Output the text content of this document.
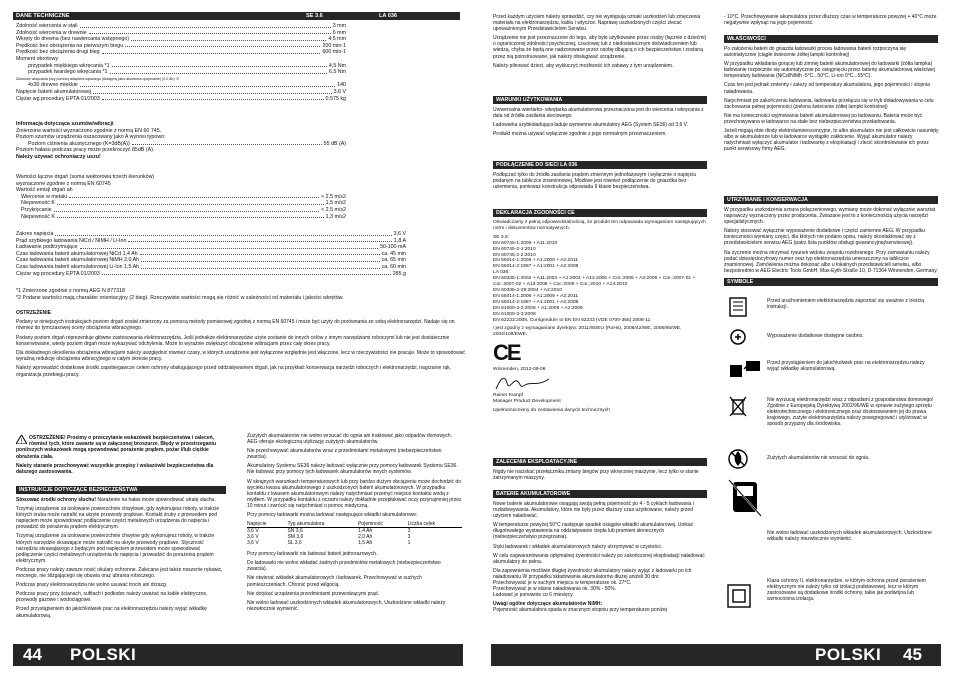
DANE TECHNICZNE	SE 3.6	LA 036
Zdolność wiercenia w stali	3 mm
Zdolność wiercenia w drewnie	6 mm
Wkręty do drewna (bez nawiercania wstępnego)	4,5 mm
Prędkość bez obciążenia na pierwszym biegu	200 min-1
Prędkość bez obciążenia drugi bieg	600 min-1
Moment obrotowy
przypadek miękkiego wkręcania *1	4,5 Nm
przypadek twardego wkręcania *1	6,5 Nm
Zdolność wkręcania przy pomocy adaptera kątowego (dostępny jako akcesoria opcjonalne) (2,0 Ah) *2
4x30 drewno miękkie	140
Napięcie baterii akumulatorowej	3,6 V
Ciężar wg procedury EPTA 01/2003	0,575 kg
Informacja dotycząca szumów/wibracji
Zmierzone wartości wyznaczono zgodnie z normą EN 60 745.
Poziom szumów urządzenia oszacowany jako A wynosi typowo:
Poziom ciśnienia akustycznego (K=3dB(A))	55 dB (A)
Poziom hałasu podczas pracy może przekroczyć 85dB (A).
Należy używać ochroniaczy uszu!
Wartości łączne drgań (suma wektorowa trzech kierunków)
wyznaczone zgodnie z normą EN 60745
Wartość emisji drgań ah
Wiercenie w metalu	< 2,5 m/s2
Niepewność K	1,5 m/s2
Przykręcanie	< 2,5 m/s2
Niepewność K	1,3 m/s2
Zakres napięcia	3,6 V
Prąd szybkiego ładowania NiCd / NIMH / Li-Ion	1,8 A
Ładowanie podtrzymujące	50-100 mA
Czas ładowania baterii akumulatorowej NiCd 1,4 Ah	ca. 45 min
Czas ładowania baterii akumulatorowej NiMH 2,0 Ah	ca. 65 min
Czas ładowania baterii akumulatorowej Li-Ion 1,5 Ah	ca. 60 min
Ciężar wg procedury EPTA 01/2003	285 g
*1 Zmierzone zgodnie z normą AEG N 877318
*2 Podane wartości mają charakter orientacyjny (2 bieg). Rzeczywiste wartości mogą się różnić w zależności od materiału i jakości wkrętów.
OSTRZEŻENIE

Podany w niniejszych instrukcjach poziom drgań został zmierzony za pomocą metody pomiarowej zgodnej z normą EN 60745 i może być użyty do porównania ze sobą elektronarzędzi. Nadaje się on również do tymczasowej oceny obciążenia wibracyjnego.

Podany poziom drgań reprezentuje główne zastosowania elektronarzędzia. Jeśli jednakże elektronarzędzie użyte zostanie do innych celów z innym narzędziami roboczymi lub nie jest dostatecznie konserwowane, wtedy poziom drgań może wykazywać odchylenia. Może to wyraźnie zwiększyć obciążenie wibracjami przez cały okres pracy.

Dla dokładnego określenia obciążenia wibracjami należy uwzględnić również czasy, w których urządzenie jest wyłączone względnie jest włączone, lecz w rzeczywistości nie pracuje. Może to spowodować wyraźną redukcję obciążenia wibracyjnego w całym okresie pracy.

Należy wprowadzić dodatkowe środki zapobiegawcze celem ochrony obsługującego przed oddziaływaniem drgań, jak na przykład: konserwacja narzędzi roboczych i elektronarzędzi, nagrzanie rąk, organizacja przebiegu pracy.

! OSTRZEŻENIE! Prosimy o przeczytanie wskazówek bezpieczeństwa i zaleceń, również tych, które zawarte są w załączonej broszurze. Błędy w przestrzeganiu poniższych wskazówek mogą spowodować porażenie prądem, pożar i/lub ciężkie obrażenia ciała.

Należy staranie przechowywać wszystkie przepisy i wskazówki bezpieczeństwa dla dalszego zastosowania.

INSTRUKCJE DOTYCZĄCE BEZPIECZEŃSTWA

Stosować środki ochrony słuchu! Narażenie na hałas może spowodować utratę słuchu.

Trzymaj urządzenie za izolowane powierzchnie chwytowe, gdy wykonujesz roboty, w trakcie których śruba może natrafić na ukryte przewody prądowe. Kontakt śruby z przewodem pod napięciem może spowodować podłączenie części metalowych urządzenia do napięcia i prowadzić do porażenia prądem elektrycznym.

Trzymaj urządzenie za izolowane powierzchnie chwytne gdy wykonujesz roboty, w trakcie których narzędzie skrawające może natrafić na ukryte przewody prądowe. Styczność narzędzia skrawającego z będącym pod napięciem przewodem może spowodować podłączenie części metalowych urządzenia do napięcia i prowadzić do porażenia prądem elektrycznym.

Podczas pracy należy zawsze nosić okulary ochronne. Zalecane jest także noszenie rękawic, mocnego, nie śliżgającego się obuwia oraz ubrania roboczego.

Podczas pracy elektronarzędzia nie wolno usuwać trocin ani drzazg.

Podczas pracy przy ścianach, sufitach i podłodze należy uważać na kable elektryczne, przewody gazowe i wodociągowe.

Przed przystąpieniem do jakichkolwiek prac na elektronarzędziu należy wyjąć wkładkę akumulatorową.

Zużytych akumulatorów nie wolno wrzucać do ognia ani traktować jako odpadów domowych. AEG oferuje ekologiczną utylizację zużytych akumulatorów.

Nie przechowywać akumulatorów wraz z przedmiotami metalowymi (niebezpieczeństwo zwarcia).

Akumulatory Systemu SE36 należy ładować wyłącznie przy pomocy ładowarek Systemu SE36. Nie ładować przy pomocy tych ładowarek akumulatorów innych systemów.

W skrajnych warunkach temperaturowych lub przy bardzo dużym obciążeniu może dochodzić do wycieku kwasu akumulatorowego z uszkodzonych baterii akumulatorowych. W przypadku kontaktu z kwasem akumulatorowym należy natychmiast przemyć miejsce kontaktu wodą z mydłem. W przypadku kontaktu z oczami należy dokładnie przepłukiwać oczy przynajmniej przez 10 minut i zwrócić się natychmiast o pomoc medyczną.

Przy pomocy ładowarki można ładować następujące wkładki akumulatorowe:

Napięcie	Typ akumulatora	Pojemność	Liczba celek
3,6 V	SN 3,6	1,4 Ah	3
3,6 V	SM 3,6	2,0 Ah	3
3,6 V	SL 3,6	1,5 Ah	1

Przy pomocy ładowarki nie ładować baterii jednorazowych.

Do ładowarki nie wolno wkładać żadnych przedmiotów metalowych (niebezpieczeństwo zwarcia).

Nie otwierać wkładek akumulatorowych i ładowarek. Przechowywać w suchych pomieszczeniach. Chronić przed wilgocią.

Nie dotykać urządzenia przedmiotami przewodzącymi prąd.

Nie wolno ładować uszkodzonych wkładek akumulatorowych. Uszkodzone wkładki należy niezwłocznie wymienić.

44 POLSKI

Przed każdym użyciem należy sprawdzić, czy nie występują oznaki uszkodzeń lub zmęczenia materiału na elektronarzędziu, kablu i wtyczce. Naprawę uszkodzonych części zlecać upoważnionym Przedstawicielom Serwisu.

Urządzenie nie jest przeznaczone do tego, aby było użytkowane przez osoby (łącznie z dziećmi) o ograniczonej zdolności psychicznej, czuciowej lub z niedostatecznym doświadczeniem lub wiedzą, chyba że będą one nadzorowane przez osobę dbającą o ich bezpieczeństwo i zostaną przez nią poinstruowane, jak należy obsługiwać urządzenie.

Należy pilnować dzieci, aby wykluczyć możliwość ich zabawy z tym urządzeniem.

WARUNKI UŻYTKOWANIA

Uniwersalna wiertarko- wkrętarka akumulatorowa przeznaczona jest do wiercenia i wkręcania z dala od źródła zasilania sieciowego.

Ładowarka szybkoładująca ładuje wymienne akumulatory AEG (System SE36) od 3,6 V.

Produkt można używać wyłącznie zgodnie z jego normalnym przeznaczeniem.

PODŁĄCZENIE DO SIECI LA 036

Podłączać tylko do źródła zasilania prądem zmiennym jednofazowym i wyłącznie o napięciu podanym na tabliczce znamionowej. Możliwe jest również podłączenie do gniazdka bez uziemienia, ponieważ konstrukcja odpowiada II klasie bezpieczeństwa.

DEKLARACJA ZGODNOŚCI CE

Oświadczamy z pełną odpowiedzialnością, że produkt ten odpowiada wymaganiom następujących norm i dokumentów normatywnych:

SE 3.6:
EN 60745-1:2009 + A11:2010
EN 60745-2-1:2010
EN 60745-2-2:2010
EN 55014-1:2006 + A1:2009 + A2:2011
EN 55014-2:1997 + A1:2001 + A2:2008
LA 036:
EN 60335-1:2002 + A11:2004 + A1:2004 + A12:2006 + Cor.:2006 + A2:2006 + Cor.:2007-01 + Cor.:2007-02 + A13:2008 + Cor.:2009 + Cor.:2010 + A14:2010
EN 60335-2-29:2004 + A2:2010
EN 55014-1:2006 + A1:2009 + A2:2011
EN 55014-2:1997 + A1:2001 + A2:2008
EN 61000-3-2:2006 + A1:2009 + A2:2009
EN 61000-3-3:2008
EN 62233:2008, Corrigendum to EN EN 62233 (VDE 0700-366):2008-11

i jest zgodny z wymaganiami dyrektyw: 2011/65/EU (RoHs), 2006/42/WE, 2006/95/WE, 2004/108/EWE.

CE
Winnenden, 2012-09-06
Rainer Kumpf
Manager Product Development
Upełnomocniony do zestawienia danych technicznych
ZALECENIA EKSPLOATACYJNE

Nigdy nie naciskać przełącznika zmiany biegów przy wkręconej maszynie, lecz tylko w stanie zatrzymanym maszyny.

BATERIE AKUMULATOROWE

Nowe baterie akumulatorowe osiągają swoją pełną pojemność po 4 - 5 cyklach ładowania i rozładowywania. Akumulatory, które nie były przez dłuższy czas użytkowane, należy przed użyciem naładować.

W temperaturze powyżej 50°C następuje spadek osiągów wkładki akumulatorowej. Unikać długotrwałego wystawienia na oddziaływanie ciepła lub promieni słonecznych (niebezpieczeństwo przegrzania).

Styki ładowarek i wkładek akumulatorowych należy utrzymywać w czystości.

W celu zagwarantowania optymalnej żywotności należy po zakończonej eksploatacji naładować akumulatory do pełna.

Dla zapewnienia możliwie długiej żywotności akumulatory należy wyjąć z ładowarki po ich naładowaniu W przypadku składowania akumulatorów dłużej aniżeli 30 dni:
Przechowywać je w suchym miejscu w temperaturze ok. 27°C.
Przechowywać je w stanie naładowania ok. 30% - 50%.

Ładować je ponownie co 6 miesięcy.

Uwagi ogólne dotyczące akumulatorów NiMH:
Pojemność akumulatora spada w znacznym stopniu przy temperaturze poniżej

- 10°C. Przechowywanie akumulatora przez dłuższy czas w temperaturze powyżej + 40°C może negatywnie wpłynąć na jego pojemność.

WŁAŚCIWOŚCI

Po założeniu baterii do gniazda ładowarki proces ładowania baterii rozpoczyna się automatycznie (ciągłe świecenie żółtej lampki kontrolnej)

W przypadku wkładania gorącej lub zimnej baterii akumulatorowej do ładowarki (żółta lampka) ładowanie rozpocznie się automatycznie po osiągnięciu przez baterię akumulatorową właściwej temperatury ładowania (NiCd/NiMh -5°C...50°C, Li-ion 0°C...55°C).

Czas ten jest jednak zmienny i zależy od temperatury akumulatora, jego pojemności i stopnia naładowania.

Natychmiast po zakończeniu ładowania, ładowarka przełącza się w tryb doładowywania w celu zachowania pełnej pojemności (zielona świecenie żółtej lampki kontrolnej)

Nie ma konieczności wyjmowania baterii akumulatorowej po ładowaniu. Bateria może być przechowywana w ładowarce na stałe bez niebezpieczeństwa przeładowania.

Jeżeli migają obie diody elektroluminescencyjne, to albo akumulator nie jest całkowicie nasunięty albo w akumulatorze lub w ładowarce wystąpiło zakłócenie. Wyjąć akumulator należy natychmiast wyłączyć akumulator i ładowarkę z eksploatacji i zlecić skontrolowanie ich przez punkt serwisowy firmy AEG.

UTRZYMANIE I KONSERWACJA

W przypadku uszkodzenia sznura połączeniowego, wymiany może dokonać wyłącznie warsztat naprawczy wyznaczony przez producenta. Zwiazane jest to z koniecznością użycia narzędzi specjalistycznych.

Należy stosować wyłącznie wyposażenie dodatkowe i części zamienne AEG. W przypadku konieczności wymiany części, dla których nie podano opisu, należy skontaktować się z przedstawicielem serwisu AEG (patrz lista punktów obsługi gwarancyjnej/serwisowej).

Na życzenie można otrzymać rysunek widoku zespołu rozebranego. Przy zamawianiu należy podać dziesięciocyfrowy numer oraz typ elektronarzędzia umieszczony na tabliczce znamionowej. Zamówienia można dokonać albo u lokalnych przedstawicieli serwisu, albo bezpośrednio w AEG Electric Tools GmbH, Max-Eyth-Straße 10, D-71364 Winnenden, Germany.

SYMBOLE
Przed uruchomieniem elektronarzędzia zapoznać się uważnie z treścią instrukcji.
Wyposażenie dodatkowe dostępne osobno.
Przed przystąpieniem do jakichkolwiek prac na elektronarzędziu należy wyjąć wkładkę akumulatorową.
Nie wyrzucaj elektronarzędzi wraz z odpadami z gospodarstwa domowego! Zgodnie z Europejską Dyrektywą 2002/96/WE w sprawie zużytego sprzętu elektrotechnicznego i elektronicznego oraz dostosowaniem jej do prawa krajowego, zużyte elektronarzędzia należy posegregować i utylizować w sposób przyjazny dla środowiska.
Zużytych akumulatorów nie wrzucać do ognia.
Nie wolno ładować uszkodzonych wkładek akumulatorowych. Uszkodzone wkładki należy niezwłocznie wymienić.
Klasa ochrony II, elektronarzędzie, w którym ochrona przed porażeniem elektrycznym nie zależy tylko od izolacji podstawowej, lecz w którym zastosowane są dodatkowe środki ochrony, takie jak podwójna lub wzmocniona izolacja.
POLSKI 45
